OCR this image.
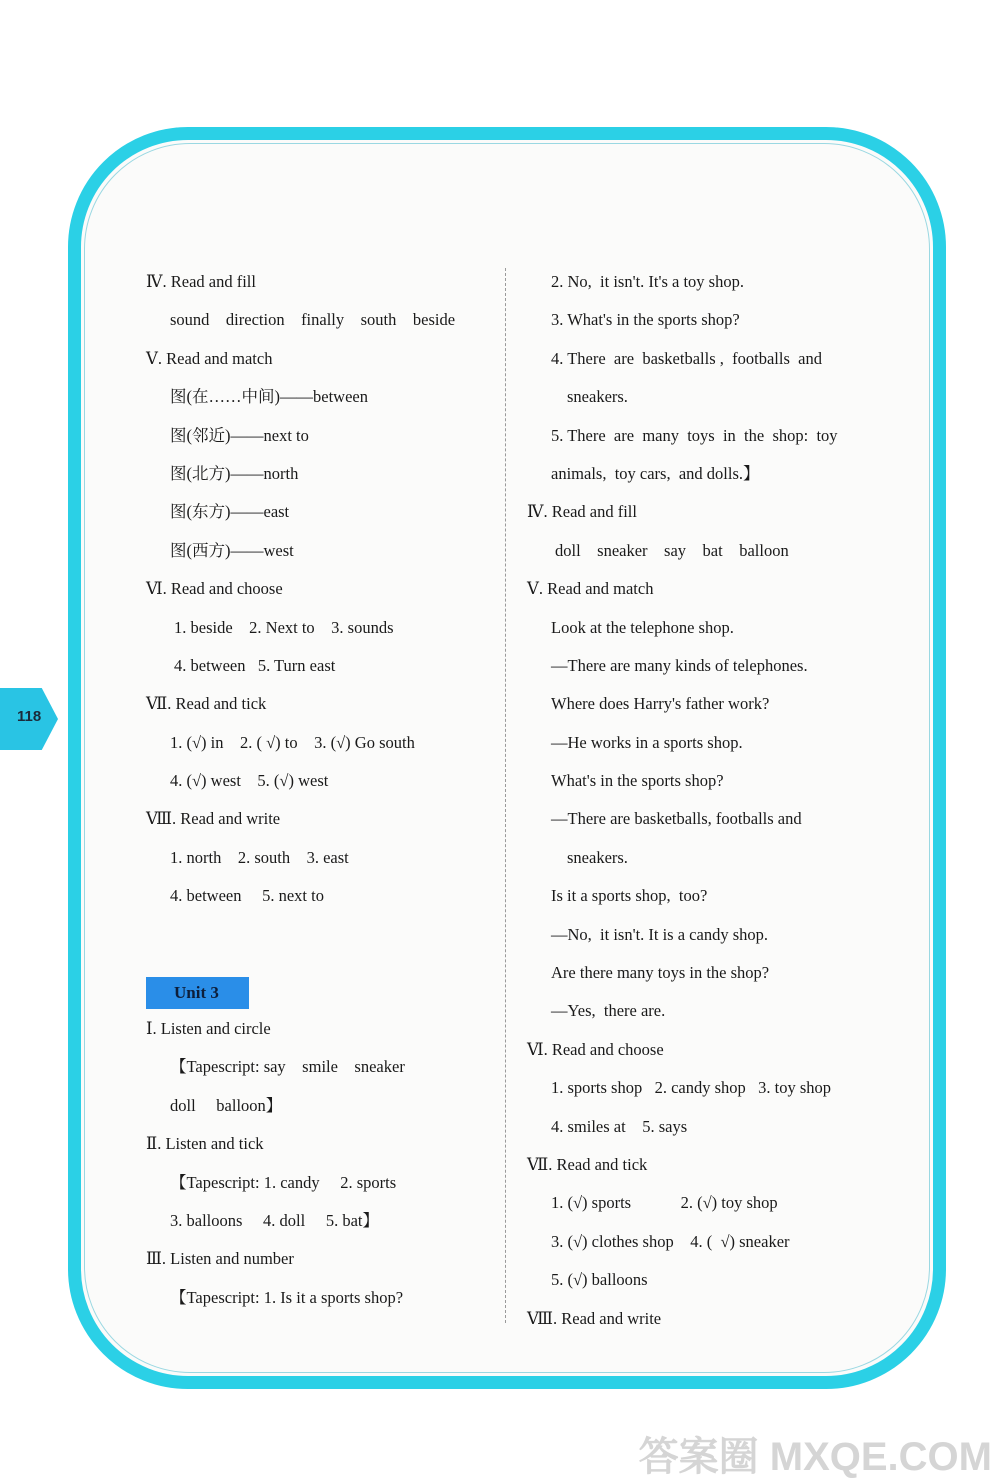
118
Ⅳ. Read and fill
sound    direction    finally    south    beside
Ⅴ. Read and match
图(在……中间)——between
图(邻近)——next to
图(北方)——north
图(东方)——east
图(西方)——west
Ⅵ. Read and choose
1. beside    2. Next to    3. sounds
4. between   5. Turn east
Ⅶ. Read and tick
1. (√) in    2. ( √) to    3. (√) Go south
4. (√) west    5. (√) west
Ⅷ. Read and write
1. north    2. south    3. east
4. between     5. next to
Unit 3
Ⅰ. Listen and circle
【Tapescript: say    smile    sneaker
doll     balloon】
Ⅱ. Listen and tick
【Tapescript: 1. candy     2. sports
3. balloons     4. doll     5. bat】
Ⅲ. Listen and number
【Tapescript: 1. Is it a sports shop?
2. No,  it isn't. It's a toy shop.
3. What's in the sports shop?
4. There  are  basketballs ,  footballs  and
sneakers.
5. There  are  many  toys  in  the  shop:  toy
animals,  toy cars,  and dolls.】
Ⅳ. Read and fill
doll    sneaker    say    bat    balloon
Ⅴ. Read and match
Look at the telephone shop.
—There are many kinds of telephones.
Where does Harry's father work?
—He works in a sports shop.
What's in the sports shop?
—There are basketballs, footballs and
sneakers.
Is it a sports shop,  too?
—No,  it isn't. It is a candy shop.
Are there many toys in the shop?
—Yes,  there are.
Ⅵ. Read and choose
1. sports shop   2. candy shop   3. toy shop
4. smiles at    5. says
Ⅶ. Read and tick
1. (√) sports            2. (√) toy shop
3. (√) clothes shop    4. (  √) sneaker
5. (√) balloons
Ⅷ. Read and write
答案圈 MXQE.COM
